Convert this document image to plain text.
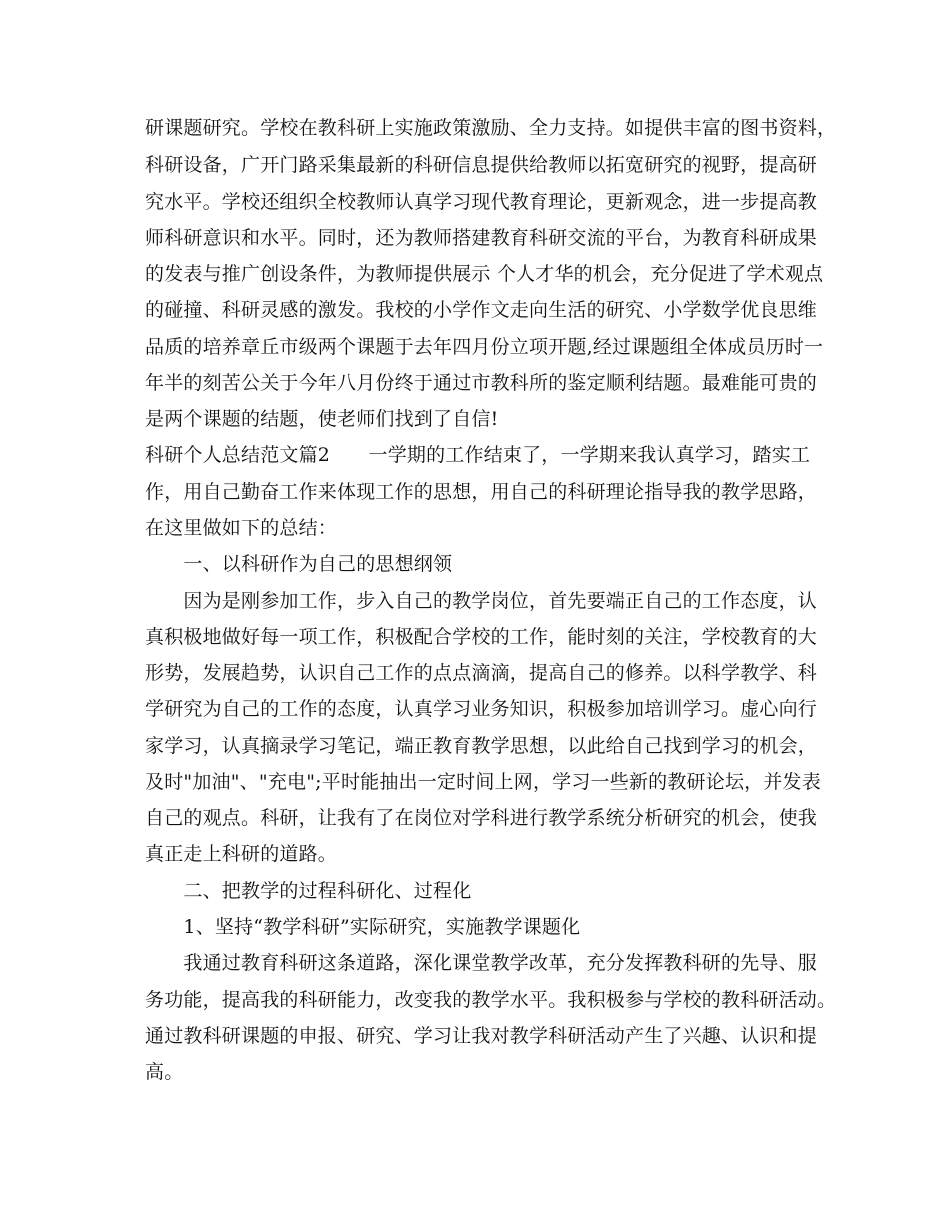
研课题研究。学校在教科研上实施政策激励、全力支持。如提供丰富的图书资料，
科研设备，广开门路采集最新的科研信息提供给教师以拓宽研究的视野，提高研
究水平。学校还组织全校教师认真学习现代教育理论，更新观念，进一步提高教
师科研意识和水平。同时，还为教师搭建教育科研交流的平台，为教育科研成果
的发表与推广创设条件，为教师提供展示 个人才华的机会，充分促进了学术观点
的碰撞、科研灵感的激发。我校的小学作文走向生活的研究、小学数学优良思维
品质的培养章丘市级两个课题于去年四月份立项开题,经过课题组全体成员历时一
年半的刻苦公关于今年八月份终于通过市教科所的鉴定顺利结题。最难能可贵的
是两个课题的结题，使老师们找到了自信!
科研个人总结范文篇2　　一学期的工作结束了，一学期来我认真学习，踏实工
作，用自己勤奋工作来体现工作的思想，用自己的科研理论指导我的教学思路，
在这里做如下的总结：
　　一、以科研作为自己的思想纲领
　　因为是刚参加工作，步入自己的教学岗位，首先要端正自己的工作态度，认
真积极地做好每一项工作，积极配合学校的工作，能时刻的关注，学校教育的大
形势，发展趋势，认识自己工作的点点滴滴，提高自己的修养。以科学教学、科
学研究为自己的工作的态度，认真学习业务知识，积极参加培训学习。虚心向行
家学习，认真摘录学习笔记，端正教育教学思想，以此给自己找到学习的机会，
及时"加油"、"充电";平时能抽出一定时间上网，学习一些新的教研论坛，并发表
自己的观点。科研，让我有了在岗位对学科进行教学系统分析研究的机会，使我
真正走上科研的道路。
　　二、把教学的过程科研化、过程化
　　1、坚持“教学科研”实际研究，实施教学课题化
　　我通过教育科研这条道路，深化课堂教学改革，充分发挥教科研的先导、服
务功能，提高我的科研能力，改变我的教学水平。我积极参与学校的教科研活动。
通过教科研课题的申报、研究、学习让我对教学科研活动产生了兴趣、认识和提
高。
